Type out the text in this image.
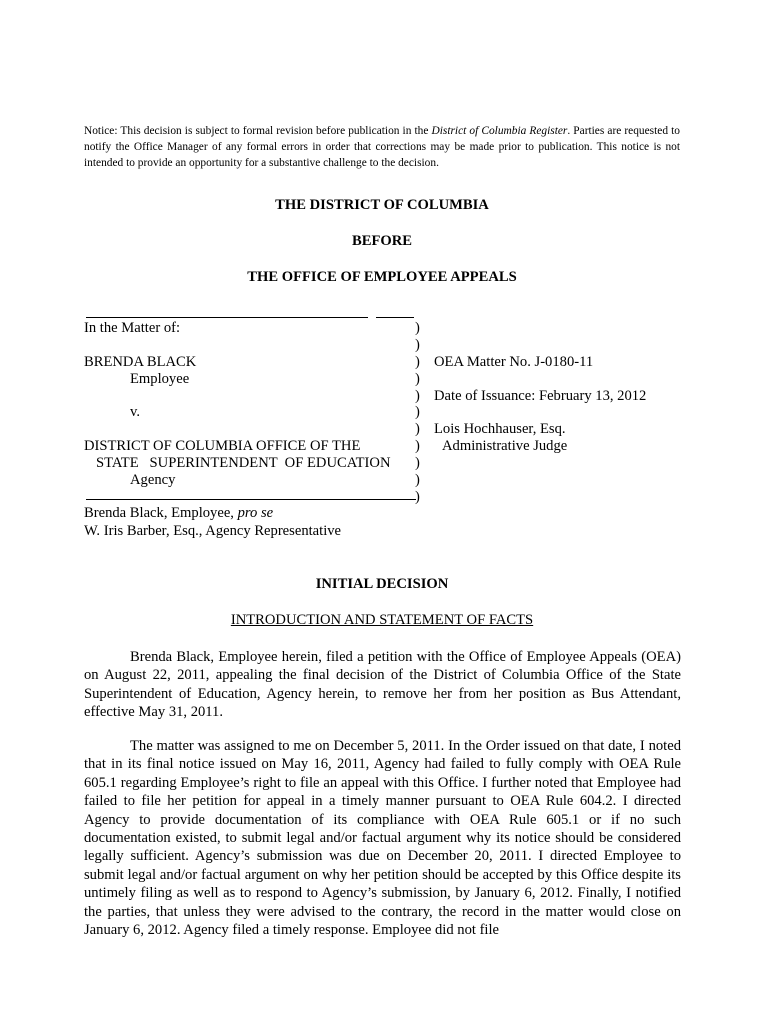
Notice: This decision is subject to formal revision before publication in the District of Columbia Register. Parties are requested to notify the Office Manager of any formal errors in order that corrections may be made prior to publication. This notice is not intended to provide an opportunity for a substantive challenge to the decision.
THE DISTRICT OF COLUMBIA
BEFORE
THE OFFICE OF EMPLOYEE APPEALS
In the Matter of:
BRENDA BLACK
Employee
v.
DISTRICT OF COLUMBIA OFFICE OF THE
STATE   SUPERINTENDENT  OF EDUCATION
Agency
)
)
)
)
)
)
)
)
)
)
)
OEA Matter No. J-0180-11
Date of Issuance: February 13, 2012
Lois Hochhauser, Esq.
Administrative Judge
Brenda Black, Employee, pro se
W. Iris Barber, Esq., Agency Representative
INITIAL DECISION
INTRODUCTION AND STATEMENT OF FACTS
Brenda Black, Employee herein, filed a petition with the Office of Employee Appeals (OEA) on August 22, 2011, appealing the final decision of the District of Columbia Office of the State Superintendent of Education, Agency herein, to remove her from her position as Bus Attendant, effective May 31, 2011.
The matter was assigned to me on December 5, 2011. In the Order issued on that date, I noted that in its final notice issued on May 16, 2011, Agency had failed to fully comply with OEA Rule 605.1 regarding Employee’s right to file an appeal with this Office. I further noted that Employee had failed to file her petition for appeal in a timely manner pursuant to OEA Rule 604.2. I directed Agency to provide documentation of its compliance with OEA Rule 605.1 or if no such documentation existed, to submit legal and/or factual argument why its notice should be considered legally sufficient. Agency’s submission was due on December 20, 2011. I directed Employee to submit legal and/or factual argument on why her petition should be accepted by this Office despite its untimely filing as well as to respond to Agency’s submission, by January 6, 2012. Finally, I notified the parties, that unless they were advised to the contrary, the record in the matter would close on January 6, 2012. Agency filed a timely response. Employee did not file
